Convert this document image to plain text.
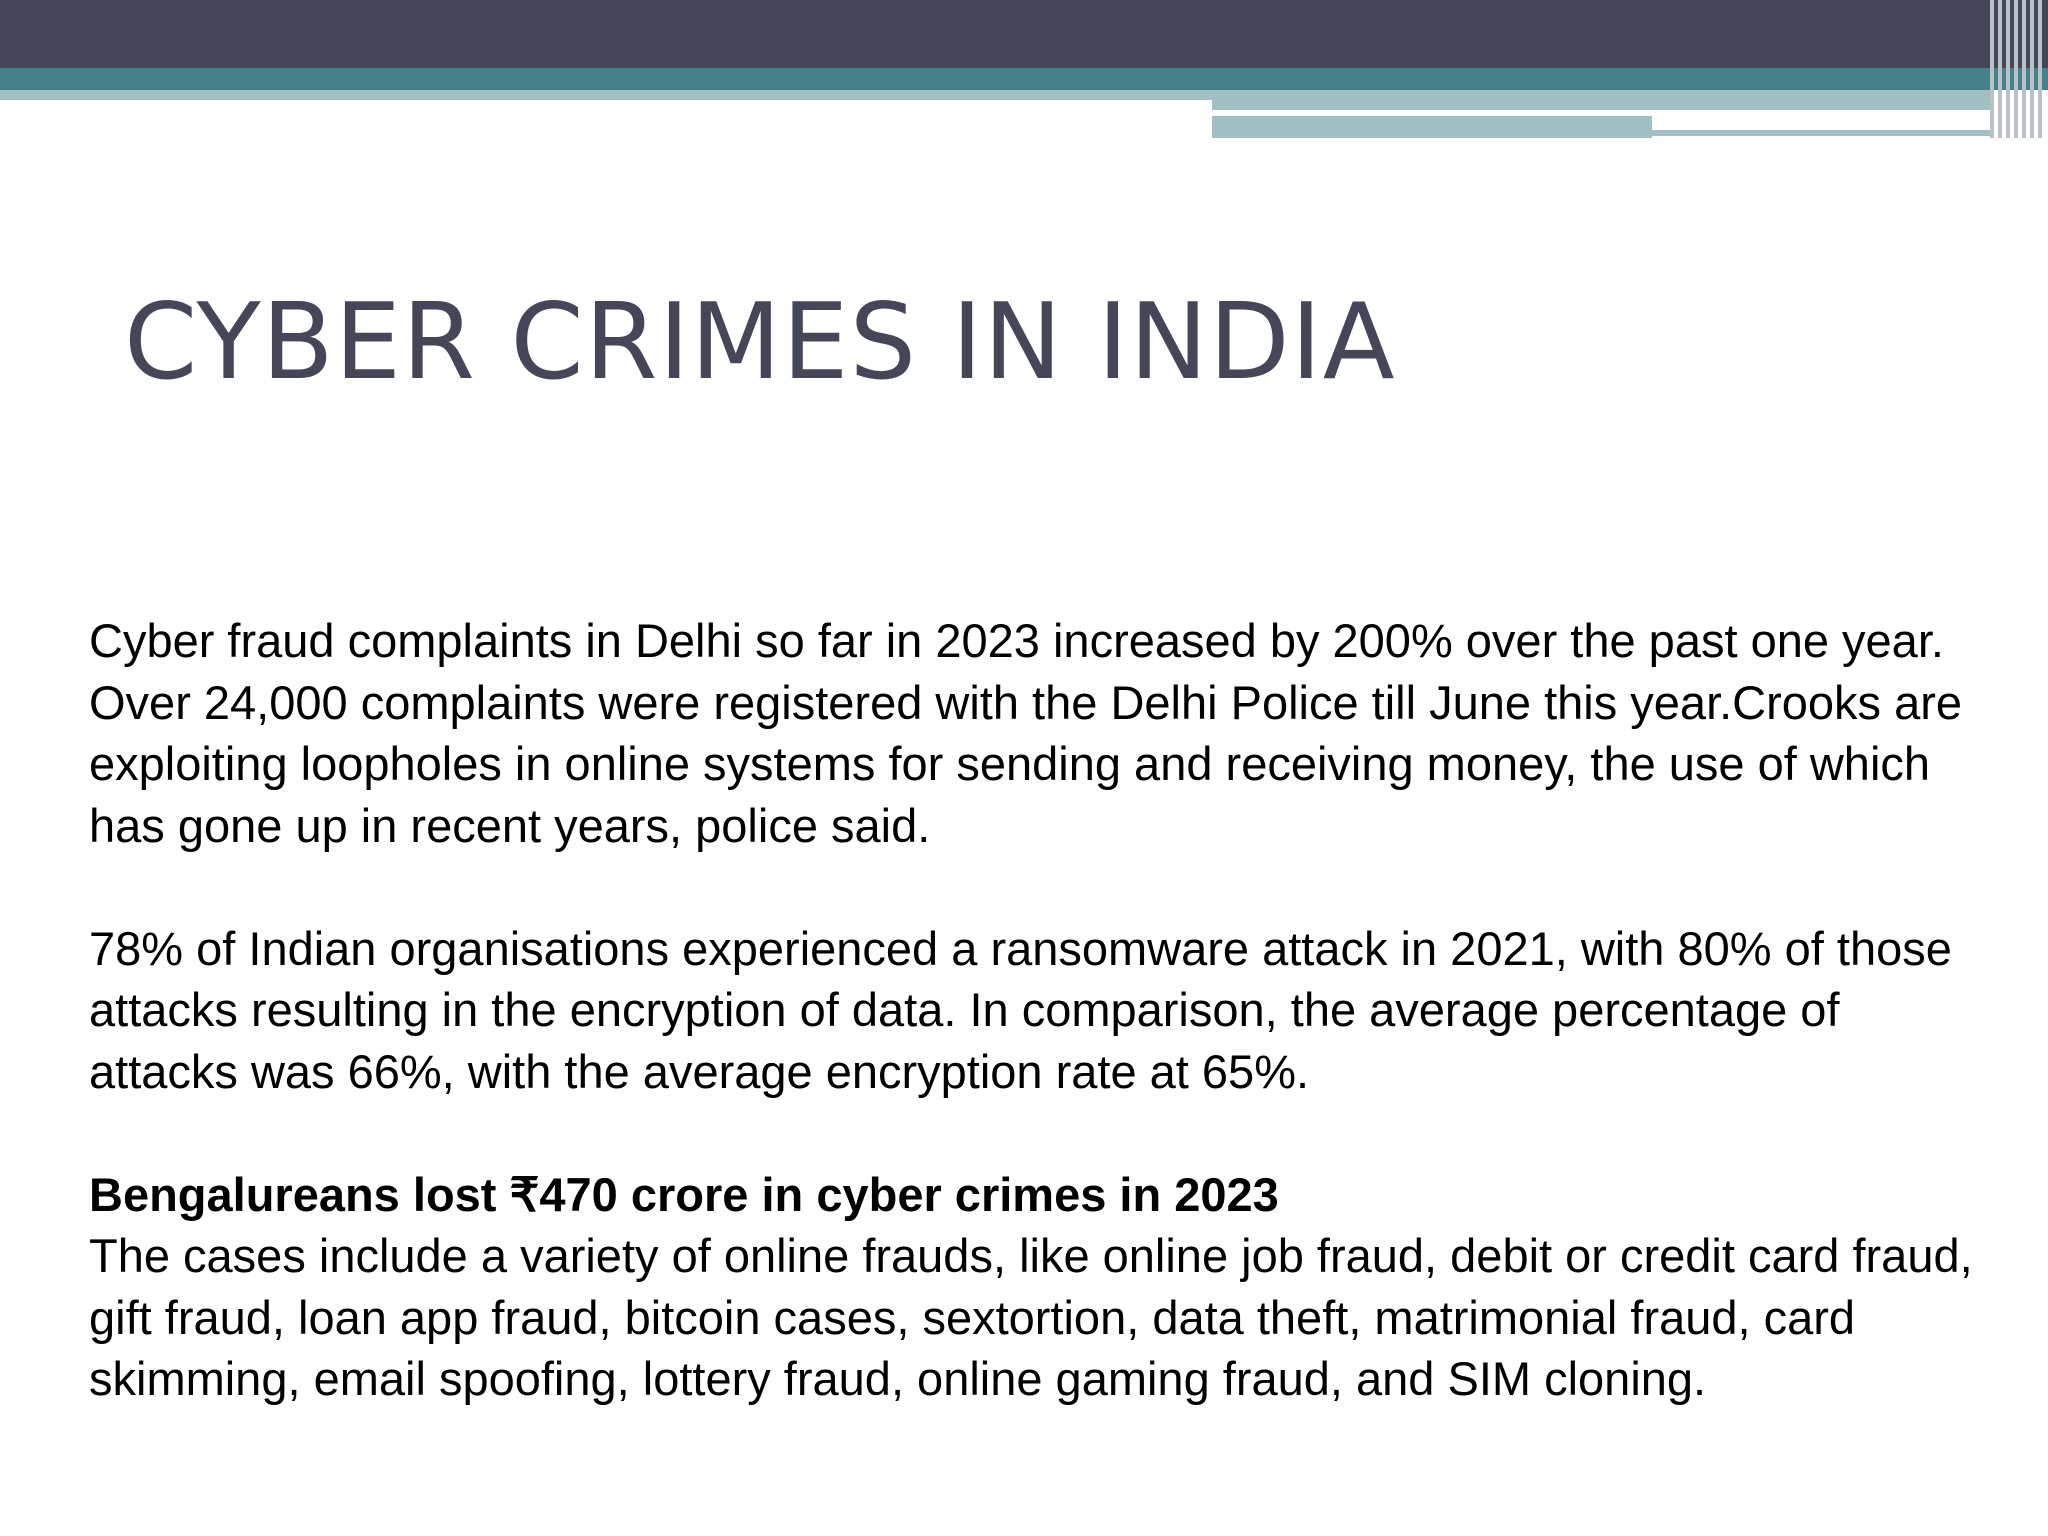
CYBER CRIMES IN INDIA

Cyber fraud complaints in Delhi so far in 2023 increased by 200% over the past one year. Over 24,000 complaints were registered with the Delhi Police till June this year.Crooks are exploiting loopholes in online systems for sending and receiving money, the use of which has gone up in recent years, police said.

78% of Indian organisations experienced a ransomware attack in 2021, with 80% of those attacks resulting in the encryption of data. In comparison, the average percentage of attacks was 66%, with the average encryption rate at 65%.

Bengalureans lost ₹470 crore in cyber crimes in 2023

The cases include a variety of online frauds, like online job fraud, debit or credit card fraud, gift fraud, loan app fraud, bitcoin cases, sextortion, data theft, matrimonial fraud, card skimming, email spoofing, lottery fraud, online gaming fraud, and SIM cloning.
